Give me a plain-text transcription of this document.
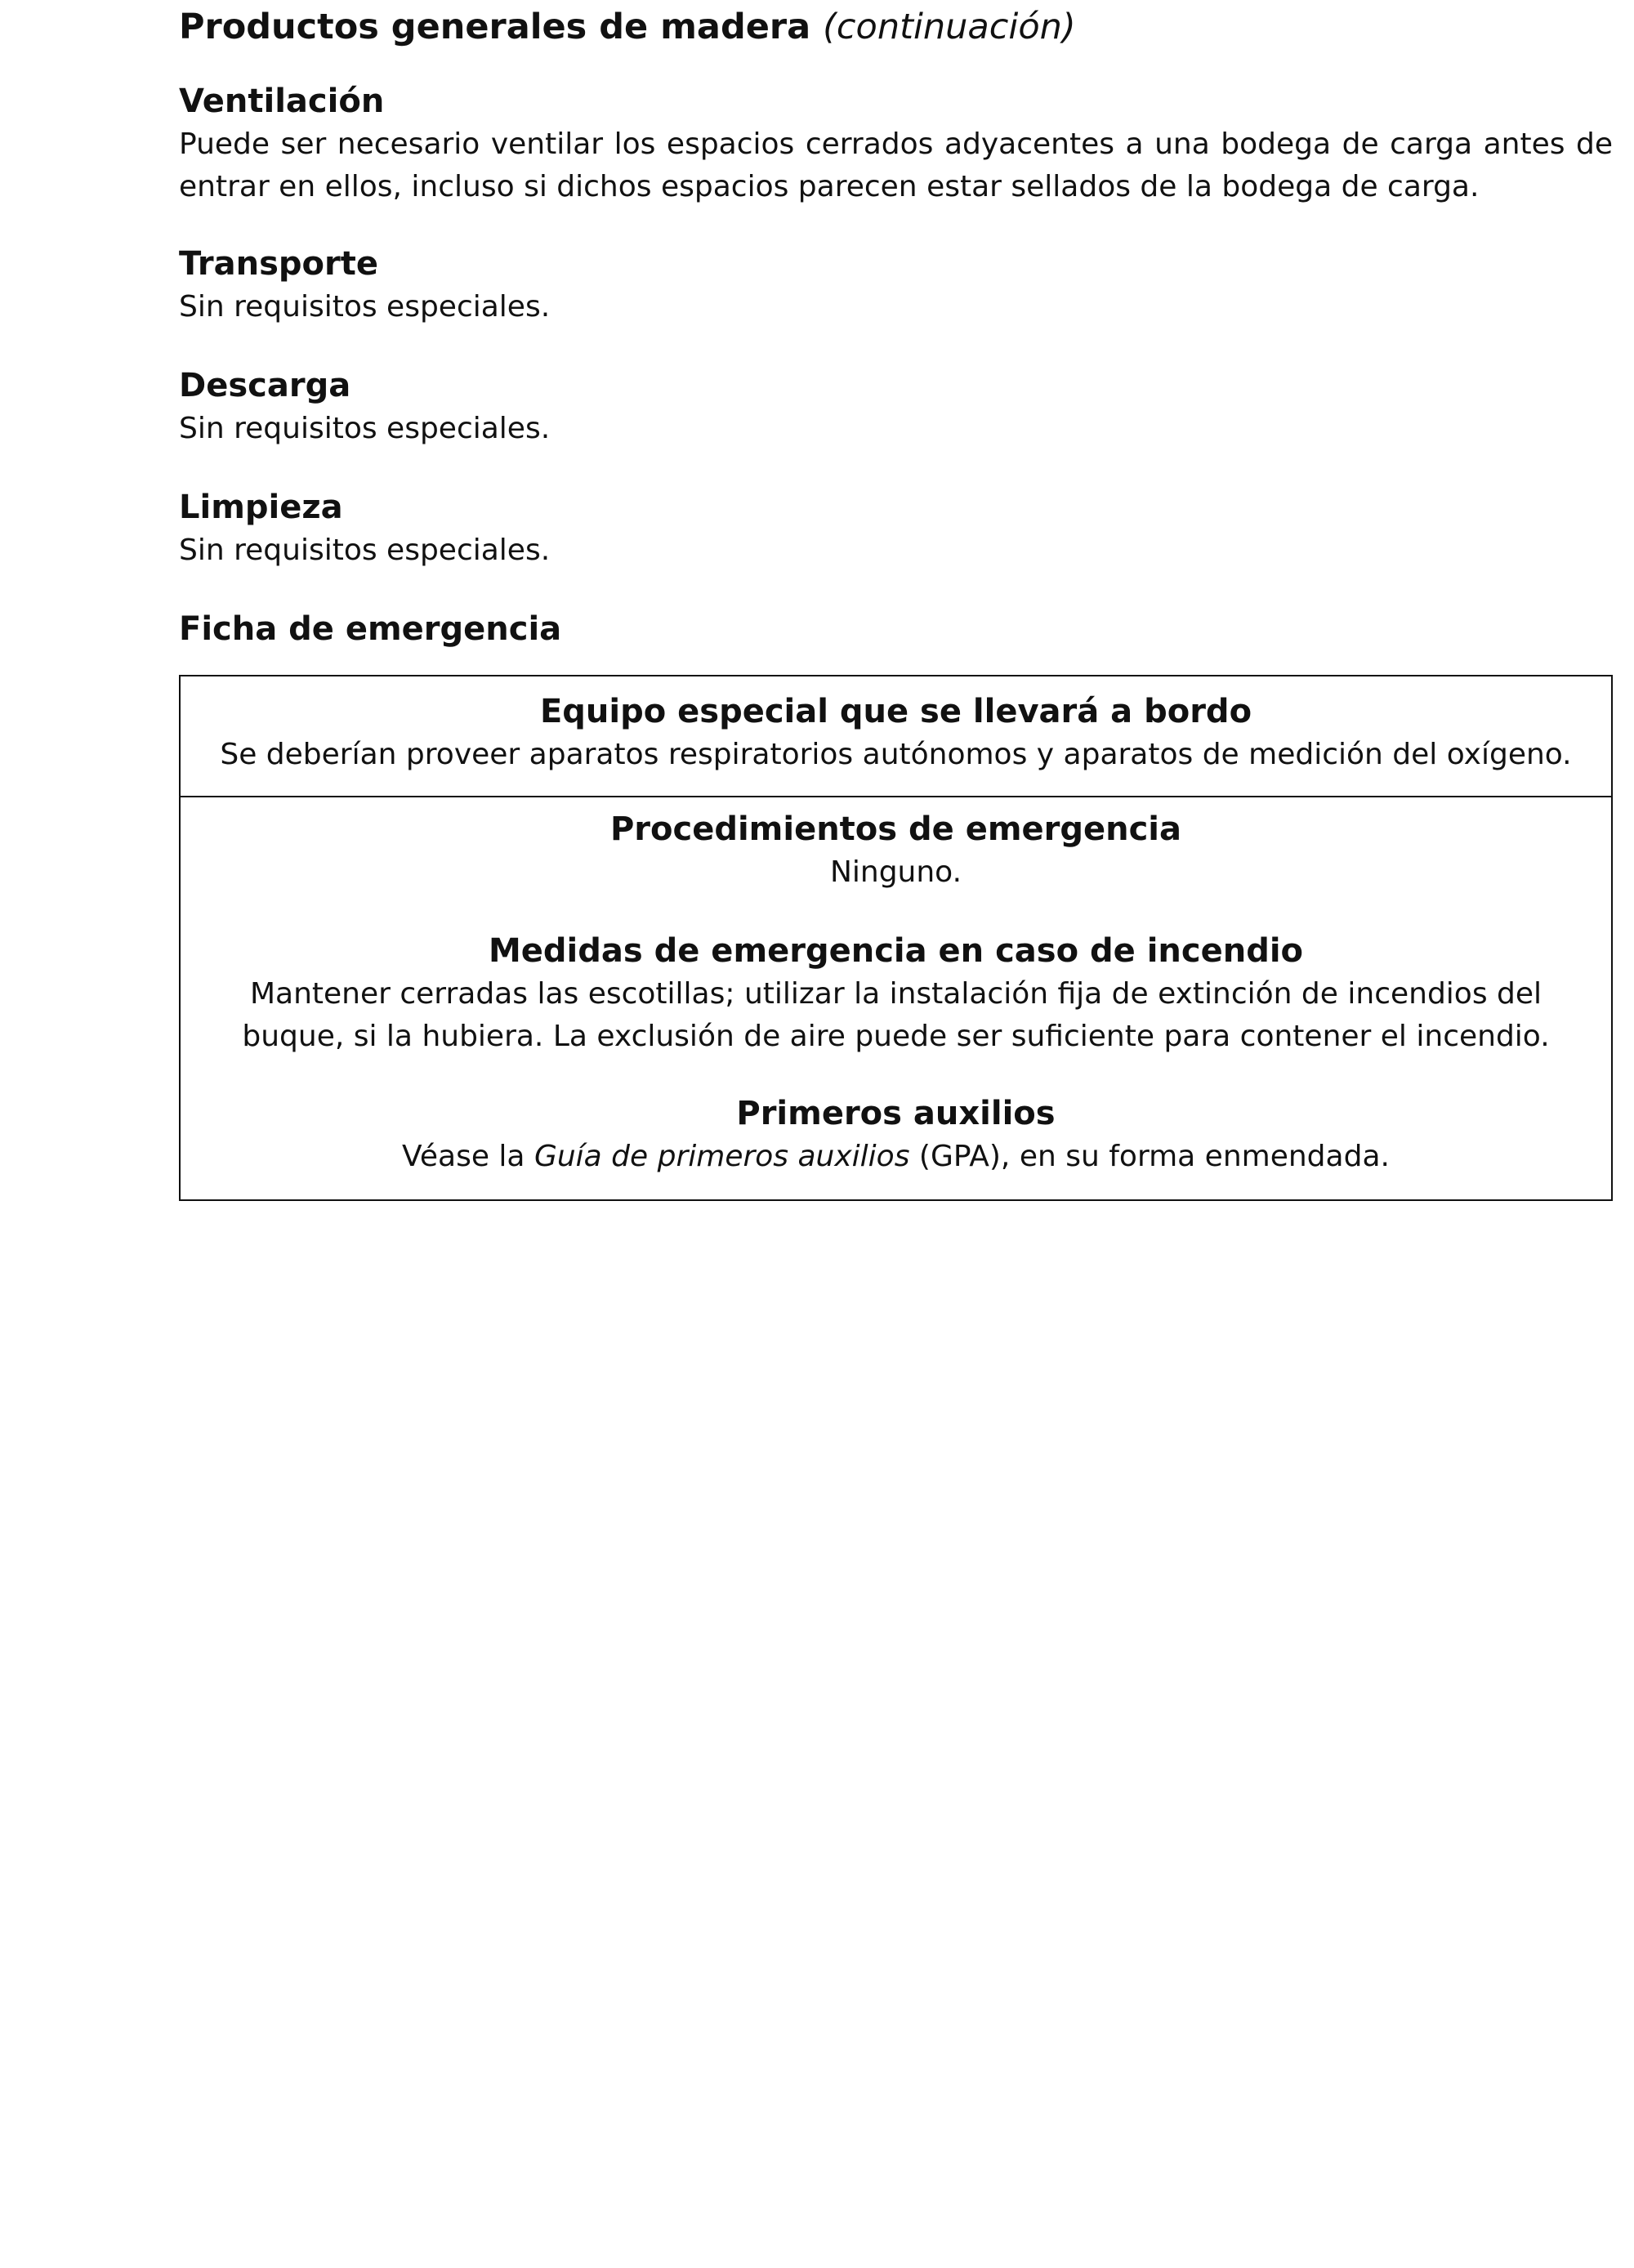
Productos generales de madera (continuación)
Ventilación

Puede ser necesario ventilar los espacios cerrados adyacentes a una bodega de carga antes de entrar en ellos, incluso si dichos espacios parecen estar sellados de la bodega de carga.

Transporte

Sin requisitos especiales.

Descarga

Sin requisitos especiales.

Limpieza

Sin requisitos especiales.

Ficha de emergencia
Equipo especial que se llevará a bordo

Se deberían proveer aparatos respiratorios autónomos y aparatos de medición del oxígeno.

Procedimientos de emergencia

Ninguno.

Medidas de emergencia en caso de incendio

Mantener cerradas las escotillas; utilizar la instalación fija de extinción de incendios del buque, si la hubiera. La exclusión de aire puede ser suficiente para contener el incendio.

Primeros auxilios

Véase la Guía de primeros auxilios (GPA), en su forma enmendada.
